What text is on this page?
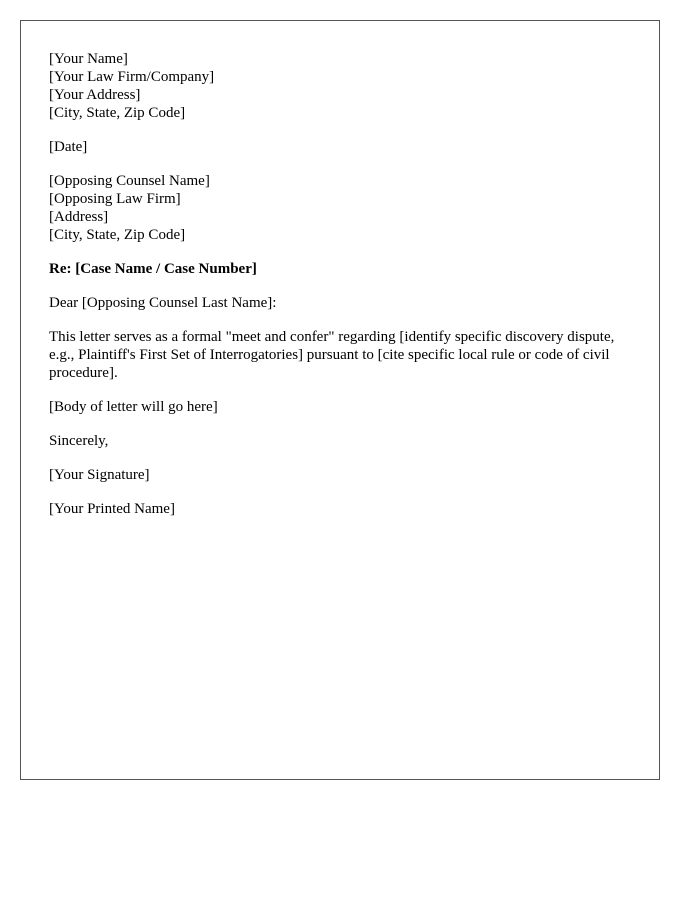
[Your Name]
[Your Law Firm/Company]
[Your Address]
[City, State, Zip Code]
[Date]
[Opposing Counsel Name]
[Opposing Law Firm]
[Address]
[City, State, Zip Code]
Re: [Case Name / Case Number]
Dear [Opposing Counsel Last Name]:

This letter serves as a formal "meet and confer" regarding [identify specific discovery dispute, e.g., Plaintiff's First Set of Interrogatories] pursuant to [cite specific local rule or code of civil procedure].

[Body of letter will go here]

Sincerely,

[Your Signature]

[Your Printed Name]
